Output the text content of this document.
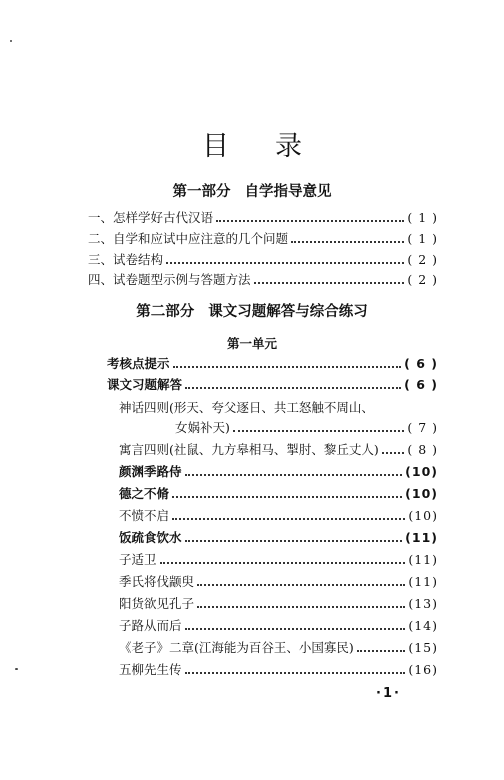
目录
第一部分 自学指导意见
一、怎样学好古代汉语	( 1 )
二、自学和应试中应注意的几个问题	( 1 )
三、试卷结构	( 2 )
四、试卷题型示例与答题方法	( 2 )
第二部分 课文习题解答与综合练习
第一单元
考核点提示	( 6 )
课文习题解答	( 6 )
神话四则(形天、夸父逐日、共工怒触不周山、
女娲补天)	( 7 )
寓言四则(社鼠、九方皋相马、掣肘、黎丘丈人) ( 8 )
颜渊季路侍	(10)
德之不脩	(10)
不愤不启	(10)
饭疏食饮水	(11)
子适卫	(11)
季氏将伐颛臾	(11)
阳货欲见孔子	(13)
子路从而后	(14)
《老子》二章(江海能为百谷王、小国寡民)	(15)
五柳先生传	(16)
·1·
